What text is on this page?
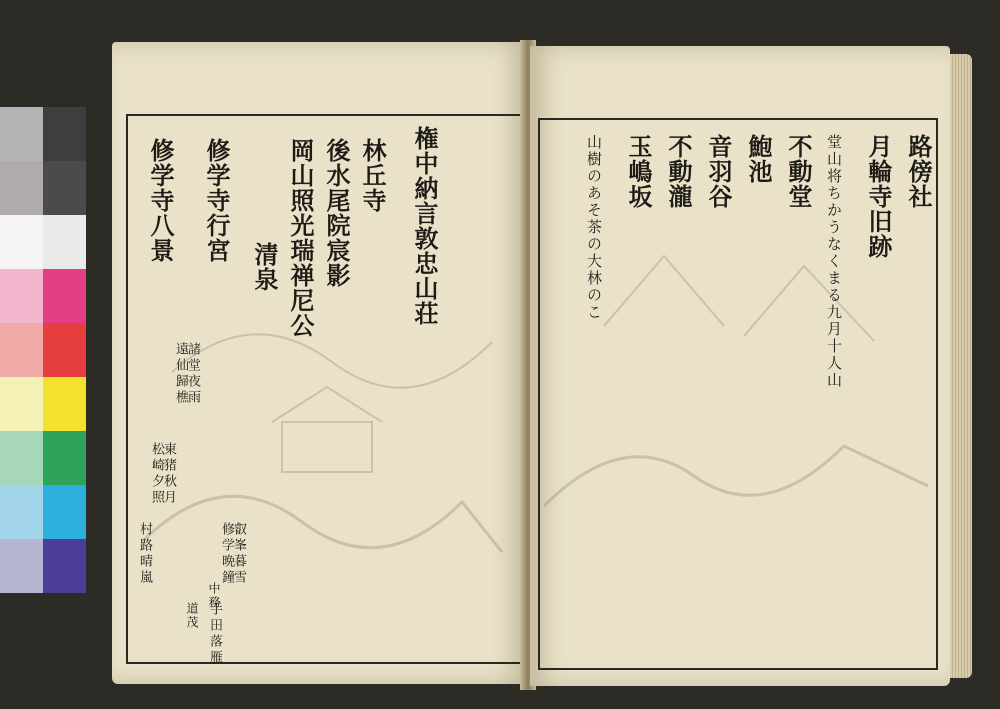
権中納言敦忠山荘
林丘寺
後水尾院宸影
岡山照光瑞禅尼公
修学寺行宮
修学寺八景
諸堂夜雨
遠仙歸樵
東猪秋月
松崎夕照
村路晴嵐	叡峯暮雪
修学晩鐘
手田落雁
清泉
中務
道茂
路傍社
月輪寺旧跡
堂山将ちかうなくまる九月十人山
不動堂
鮑池
音羽谷
不動瀧
玉嶋坂
山樹のあそ茶の大林のこ
